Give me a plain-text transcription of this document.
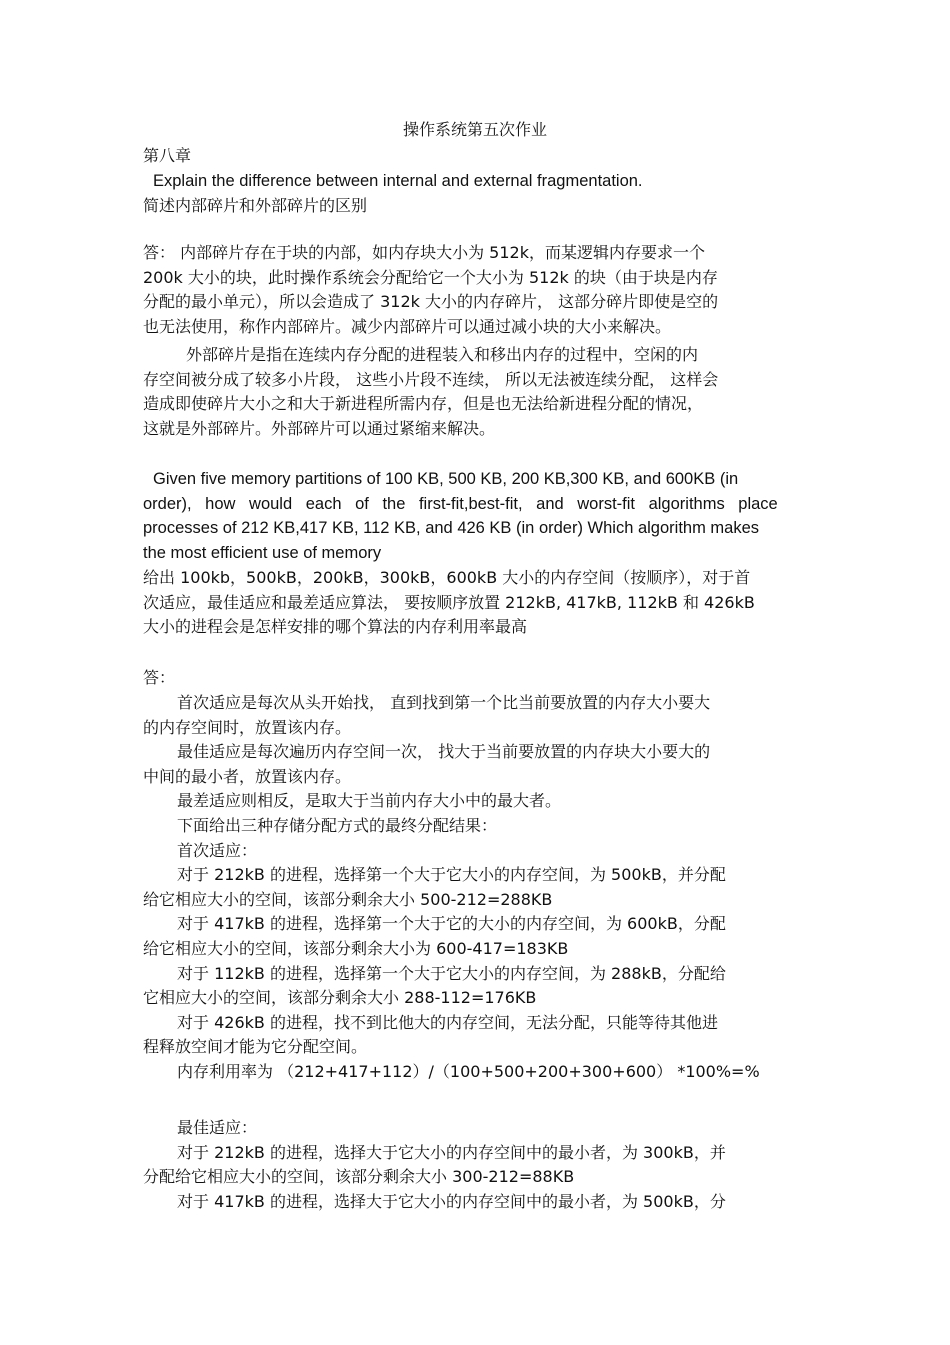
操作系统第五次作业
第八章
Explain the difference between internal and external fragmentation.
简述内部碎片和外部碎片的区别
答： 内部碎片存在于块的内部，如内存块大小为 512k，而某逻辑内存要求一个
200k 大小的块，此时操作系统会分配给它一个大小为 512k 的块（由于块是内存
分配的最小单元），所以会造成了 312k 大小的内存碎片， 这部分碎片即使是空的
也无法使用，称作内部碎片。减少内部碎片可以通过减小块的大小来解决。
外部碎片是指在连续内存分配的进程装入和移出内存的过程中，空闲的内
存空间被分成了较多小片段， 这些小片段不连续， 所以无法被连续分配， 这样会
造成即使碎片大小之和大于新进程所需内存，但是也无法给新进程分配的情况，
这就是外部碎片。外部碎片可以通过紧缩来解决。
Given five memory partitions of 100 KB, 500 KB, 200 KB,300 KB, and 600KB (in
order), how would each of the first-fit,best-fit, and worst-fit algorithms place
processes of 212 KB,417 KB, 112 KB, and 426 KB (in order) Which algorithm makes
the most efficient use of memory
给出 100kb，500kB，200kB，300kB，600kB 大小的内存空间（按顺序），对于首
次适应，最佳适应和最差适应算法， 要按顺序放置 212kB, 417kB, 112kB 和 426kB
大小的进程会是怎样安排的哪个算法的内存利用率最高
答：
首次适应是每次从头开始找， 直到找到第一个比当前要放置的内存大小要大
的内存空间时，放置该内存。
最佳适应是每次遍历内存空间一次， 找大于当前要放置的内存块大小要大的
中间的最小者，放置该内存。
最差适应则相反，是取大于当前内存大小中的最大者。
下面给出三种存储分配方式的最终分配结果：
首次适应：
对于 212kB 的进程，选择第一个大于它大小的内存空间，为 500kB，并分配
给它相应大小的空间，该部分剩余大小 500-212=288KB
对于 417kB 的进程，选择第一个大于它的大小的内存空间，为 600kB，分配
给它相应大小的空间，该部分剩余大小为 600-417=183KB
对于 112kB 的进程，选择第一个大于它大小的内存空间，为 288kB，分配给
它相应大小的空间，该部分剩余大小 288-112=176KB
对于 426kB 的进程，找不到比他大的内存空间，无法分配，只能等待其他进
程释放空间才能为它分配空间。
内存利用率为 （212+417+112）/（100+500+200+300+600） *100%=%
最佳适应：
对于 212kB 的进程，选择大于它大小的内存空间中的最小者，为 300kB，并
分配给它相应大小的空间，该部分剩余大小 300-212=88KB
对于 417kB 的进程，选择大于它大小的内存空间中的最小者，为 500kB，分
